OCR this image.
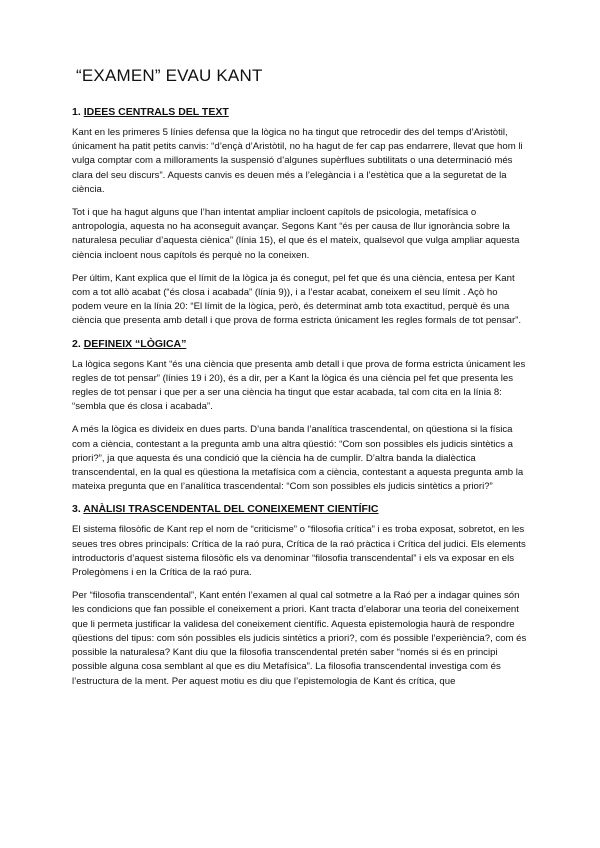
“EXAMEN” EVAU KANT
1. IDEES CENTRALS DEL TEXT

Kant en les primeres 5 línies defensa que la lògica no ha tingut que retrocedir des del temps d’Aristòtil, únicament ha patit petits canvis: “d’ençà d’Aristòtil, no ha hagut de fer cap pas endarrere, llevat que hom li vulga comptar com a milloraments la suspensió d’algunes supèrflues subtilitats o una determinació més clara del seu discurs”. Aquests canvis es deuen més a l’elegància i a l’estètica que a la seguretat de la ciència.

Tot i que ha hagut alguns que l’han intentat ampliar incloent capítols de psicologia, metafísica o antropologia, aquesta no ha aconseguit avançar. Segons Kant “és per causa de llur ignorància sobre la naturalesa peculiar d’aquesta ciènica” (línia 15), el que és el mateix, qualsevol que vulga ampliar aquesta ciència incloent nous capítols és perquè no la coneixen.

Per últim, Kant explica que el límit de la lògica ja és conegut, pel fet que és una ciència, entesa per Kant com a tot allò acabat (“és closa i acabada” (línia 9)), i a l’estar acabat, coneixem el seu límit . Açò ho podem veure en la línia 20: “El límit de la lògica, però, és determinat amb tota exactitud, perquè és una ciència que presenta amb detall i que prova de forma estricta únicament les regles formals de tot pensar”.

2. DEFINEIX “LÒGICA”

La lògica segons Kant “és una ciència que presenta amb detall i que prova de forma estricta únicament les regles de tot pensar” (línies 19 i 20), és a dir, per a Kant la lògica és una ciència pel fet que presenta les regles de tot pensar i que per a ser una ciència ha tingut que estar acabada, tal com cita en la línia 8: “sembla que és closa i acabada”.

A més la lògica es divideix en dues parts. D’una banda l’analítica trascendental, on qüestiona si la física com a ciència, contestant a la pregunta amb una altra qüestió: “Com son possibles els judicis sintètics a priori?”, ja que aquesta és una condició que la ciència ha de cumplir. D’altra banda la dialèctica transcendental, en la qual es qüestiona la metafísica com a ciència, contestant a aquesta pregunta amb la mateixa pregunta que en l’analítica trascendental: “Com son possibles els judicis sintètics a priori?”

3. ANÀLISI TRASCENDENTAL DEL CONEIXEMENT CIENTÍFIC

El sistema filosòfic de Kant rep el nom de “criticisme” o “filosofia crítica” i es troba exposat, sobretot, en les seues tres obres principals: Crítica de la raó pura, Crítica de la raó pràctica i Crítica del judici. Els elements introductoris d’aquest sistema filosòfic els va denominar “filosofia transcendental” i els va exposar en els Prolegòmens i en la Crítica de la raó pura.

Per “filosofia transcendental”, Kant entén l’examen al qual cal sotmetre a la Raó per a indagar quines són les condicions que fan possible el coneixement a priori. Kant tracta d’elaborar una teoria del coneixement que li permeta justificar la validesa del coneixement científic. Aquesta epistemologia haurà de respondre qüestions del tipus: com són possibles els judicis sintètics a priori?, com és possible l’experiència?, com és possible la naturalesa? Kant diu que la filosofia transcendental pretén saber “només si és en principi possible alguna cosa semblant al que es diu Metafísica”. La filosofia transcendental investiga com és l’estructura de la ment. Per aquest motiu es diu que l’epistemologia de Kant és crítica, que
